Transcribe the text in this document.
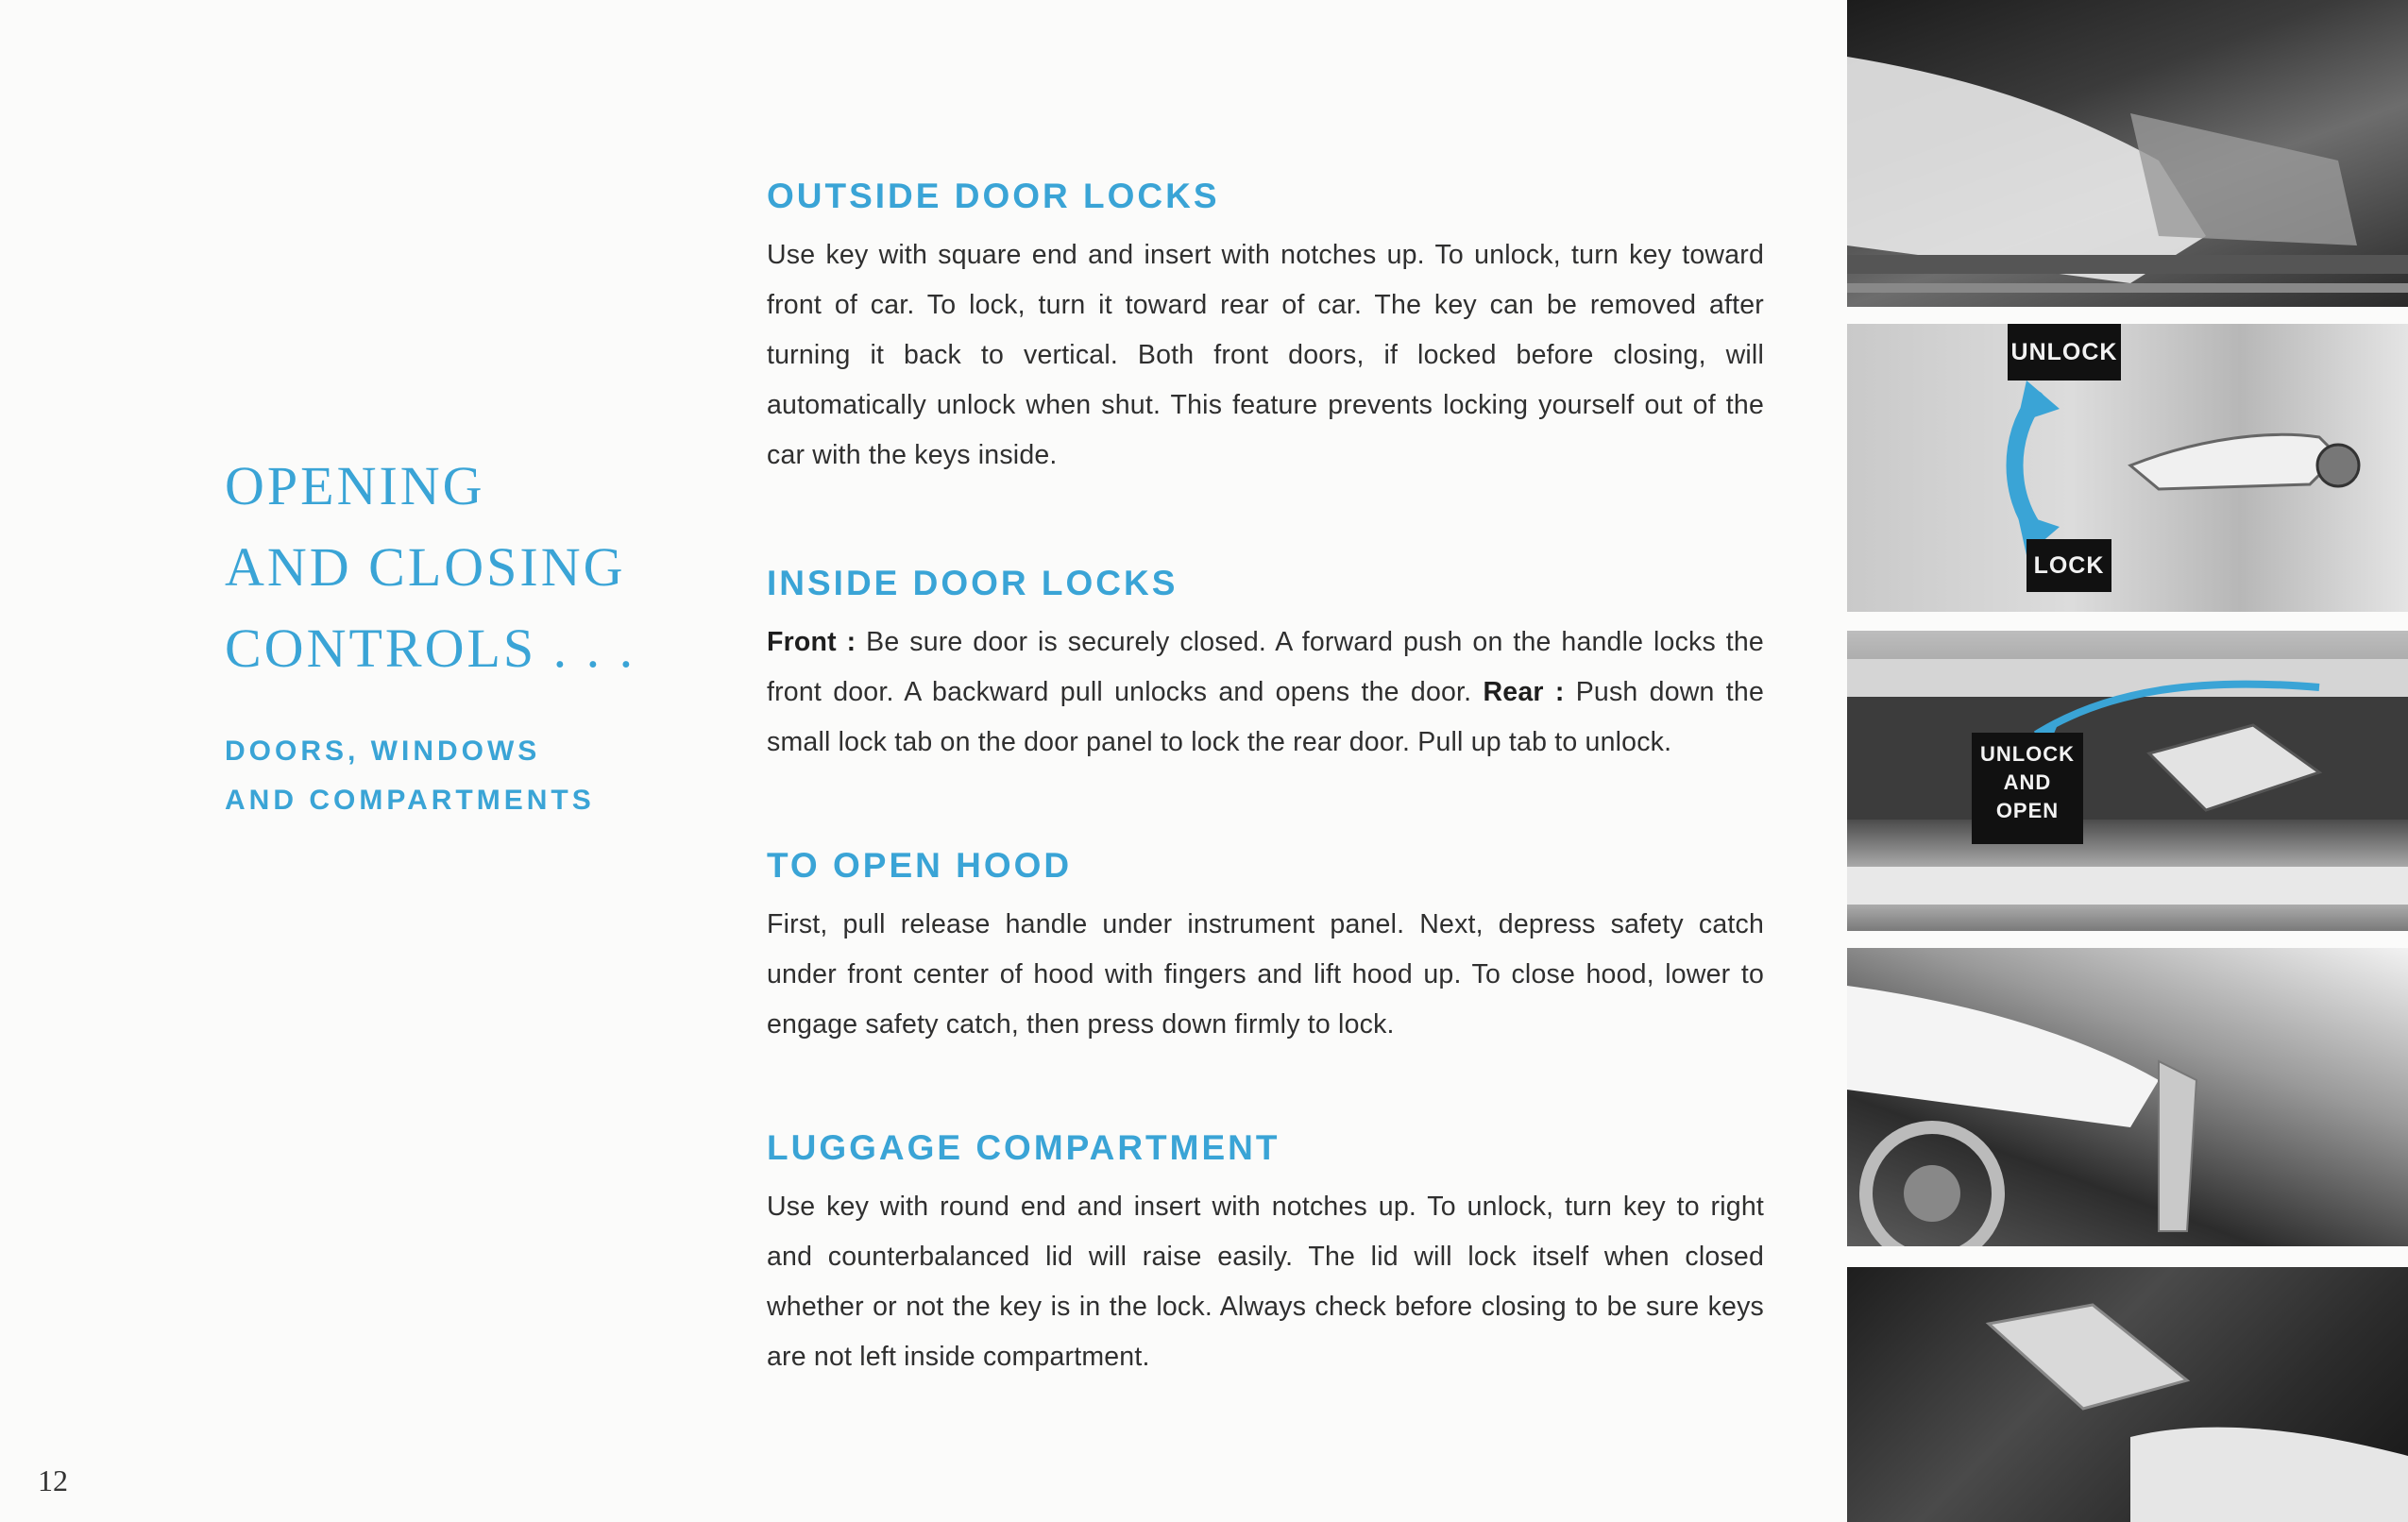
OPENING
AND CLOSING
CONTROLS . . .
DOORS, WINDOWS
AND COMPARTMENTS
12
OUTSIDE DOOR LOCKS

Use key with square end and insert with notches up. To unlock, turn key toward front of car. To lock, turn it toward rear of car. The key can be removed after turning it back to vertical. Both front doors, if locked before closing, will automatically unlock when shut. This feature prevents locking yourself out of the car with the keys inside.

INSIDE DOOR LOCKS

Front : Be sure door is securely closed. A forward push on the handle locks the front door. A backward pull unlocks and opens the door. Rear : Push down the small lock tab on the door panel to lock the rear door. Pull up tab to unlock.

TO OPEN HOOD

First, pull release handle under instrument panel. Next, depress safety catch under front center of hood with fingers and lift hood up. To close hood, lower to engage safety catch, then press down firmly to lock.

LUGGAGE COMPARTMENT

Use key with round end and insert with notches up. To unlock, turn key to right and counterbalanced lid will raise easily. The lid will lock itself when closed whether or not the key is in the lock. Always check before closing to be sure keys are not left inside compartment.

UNLOCK
LOCK
UNLOCK
AND
OPEN
